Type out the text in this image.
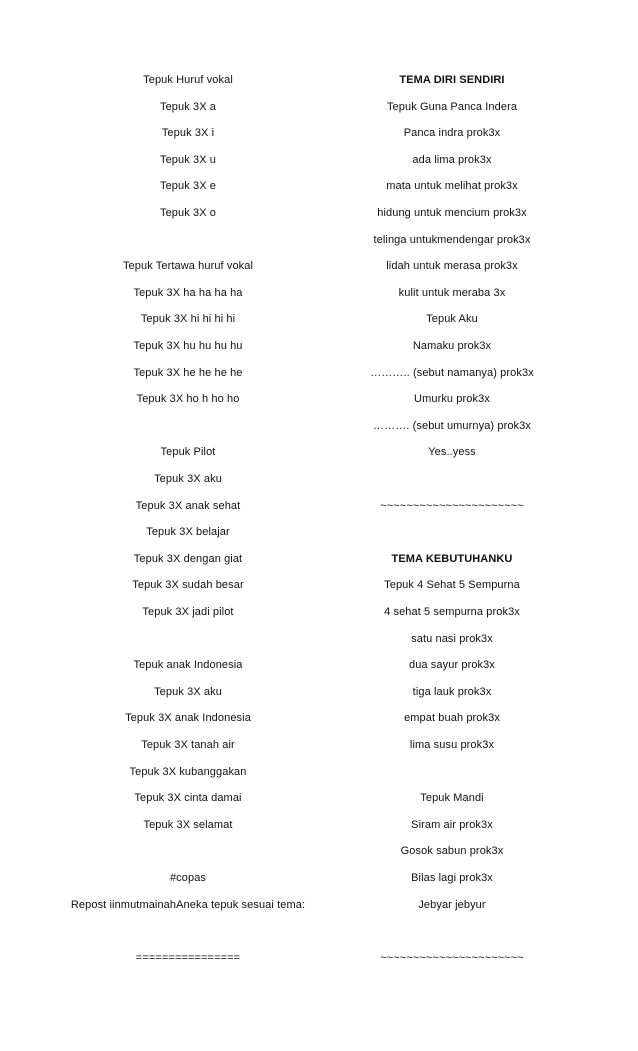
Tepuk Huruf vokal
Tepuk 3X a
Tepuk 3X i
Tepuk 3X u
Tepuk 3X e
Tepuk 3X o
Tepuk Tertawa huruf vokal
Tepuk 3X ha ha ha ha
Tepuk 3X hi hi hi hi
Tepuk 3X hu hu hu hu
Tepuk 3X he he he he
Tepuk 3X ho h ho ho
Tepuk Pilot
Tepuk 3X aku
Tepuk 3X anak sehat
Tepuk 3X belajar
Tepuk 3X dengan giat
Tepuk 3X sudah besar
Tepuk 3X jadi pilot
Tepuk anak Indonesia
Tepuk 3X aku
Tepuk 3X anak Indonesia
Tepuk 3X tanah air
Tepuk 3X kubanggakan
Tepuk 3X cinta damai
Tepuk 3X selamat
#copas
Repost iinmutmainahAneka tepuk sesuai tema:
================
TEMA DIRI SENDIRI
Tepuk Guna Panca Indera
Panca indra prok3x
ada lima prok3x
mata untuk melihat prok3x
hidung untuk mencium prok3x
telinga untukmendengar prok3x
lidah untuk merasa prok3x
kulit untuk meraba 3x
Tepuk Aku
Namaku prok3x
……….. (sebut namanya) prok3x
Umurku prok3x
………. (sebut umurnya) prok3x
Yes..yess
~~~~~~~~~~~~~~~~~~~~~~
TEMA KEBUTUHANKU
Tepuk 4 Sehat 5 Sempurna
4 sehat 5 sempurna prok3x
satu nasi prok3x
dua sayur prok3x
tiga lauk prok3x
empat buah prok3x
lima susu prok3x
Tepuk Mandi
Siram air prok3x
Gosok sabun prok3x
Bilas lagi prok3x
Jebyar jebyur
~~~~~~~~~~~~~~~~~~~~~~
